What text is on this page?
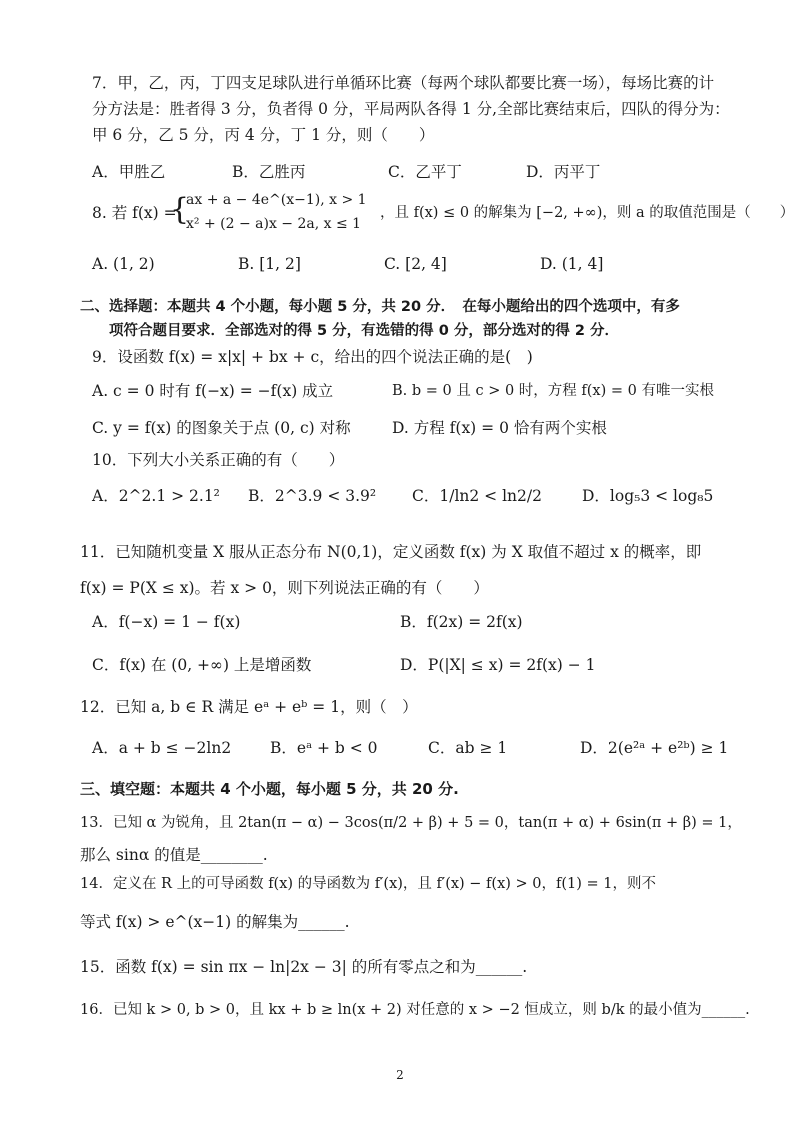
7．甲，乙，丙，丁四支足球队进行单循环比赛（每两个球队都要比赛一场），每场比赛的计
分方法是：胜者得 3 分，负者得 0 分，平局两队各得 1 分,全部比赛结束后，四队的得分为：
甲 6 分，乙 5 分，丙 4 分，丁 1 分，则（　　）
A．甲胜乙	B．乙胜丙	C．乙平丁	D．丙平丁
8. 若 f(x) =
{
ax + a − 4e^(x−1), x > 1
x² + (2 − a)x − 2a, x ≤ 1
，且 f(x) ≤ 0 的解集为 [−2, +∞)，则 a 的取值范围是（　　）
A. (1, 2)	B. [1, 2]	C. [2, 4]	D. (1, 4]
二、选择题：本题共 4 个小题，每小题 5 分，共 20 分．　在每小题给出的四个选项中，有多
　　项符合题目要求．全部选对的得 5 分，有选错的得 0 分，部分选对的得 2 分．
9．设函数 f(x) = x|x| + bx + c，给出的四个说法正确的是(　)
A. c = 0 时有 f(−x) = −f(x) 成立	B. b = 0 且 c > 0 时，方程 f(x) = 0 有唯一实根
C. y = f(x) 的图象关于点 (0, c) 对称	D. 方程 f(x) = 0 恰有两个实根
10．下列大小关系正确的有（　　）
A．2^2.1 > 2.1² B．2^3.9 < 3.9² C．1/ln2 < ln2/2	D．log₅3 < log₈5
11．已知随机变量 X 服从正态分布 N(0,1)，定义函数 f(x) 为 X 取值不超过 x 的概率，即
f(x) = P(X ≤ x)。若 x > 0，则下列说法正确的有（　　）
A．f(−x) = 1 − f(x)	B．f(2x) = 2f(x)
C．f(x) 在 (0, +∞) 上是增函数	D．P(|X| ≤ x) = 2f(x) − 1
12．已知 a, b ∈ R 满足 eᵃ + eᵇ = 1，则（　）
A．a + b ≤ −2ln2	B．eᵃ + b < 0	C．ab ≥ 1	D．2(e²ᵃ + e²ᵇ) ≥ 1
三、填空题：本题共 4 个小题，每小题 5 分，共 20 分.
13．已知 α 为锐角，且 2tan(π − α) − 3cos(π/2 + β) + 5 = 0，tan(π + α) + 6sin(π + β) = 1，
那么 sinα 的值是________.
14．定义在 R 上的可导函数 f(x) 的导函数为 f′(x)，且 f′(x) − f(x) > 0，f(1) = 1，则不
等式 f(x) > e^(x−1) 的解集为______.
15．函数 f(x) = sin πx − ln|2x − 3| 的所有零点之和为______.
16．已知 k > 0, b > 0，且 kx + b ≥ ln(x + 2) 对任意的 x > −2 恒成立，则 b/k 的最小值为______.
2
